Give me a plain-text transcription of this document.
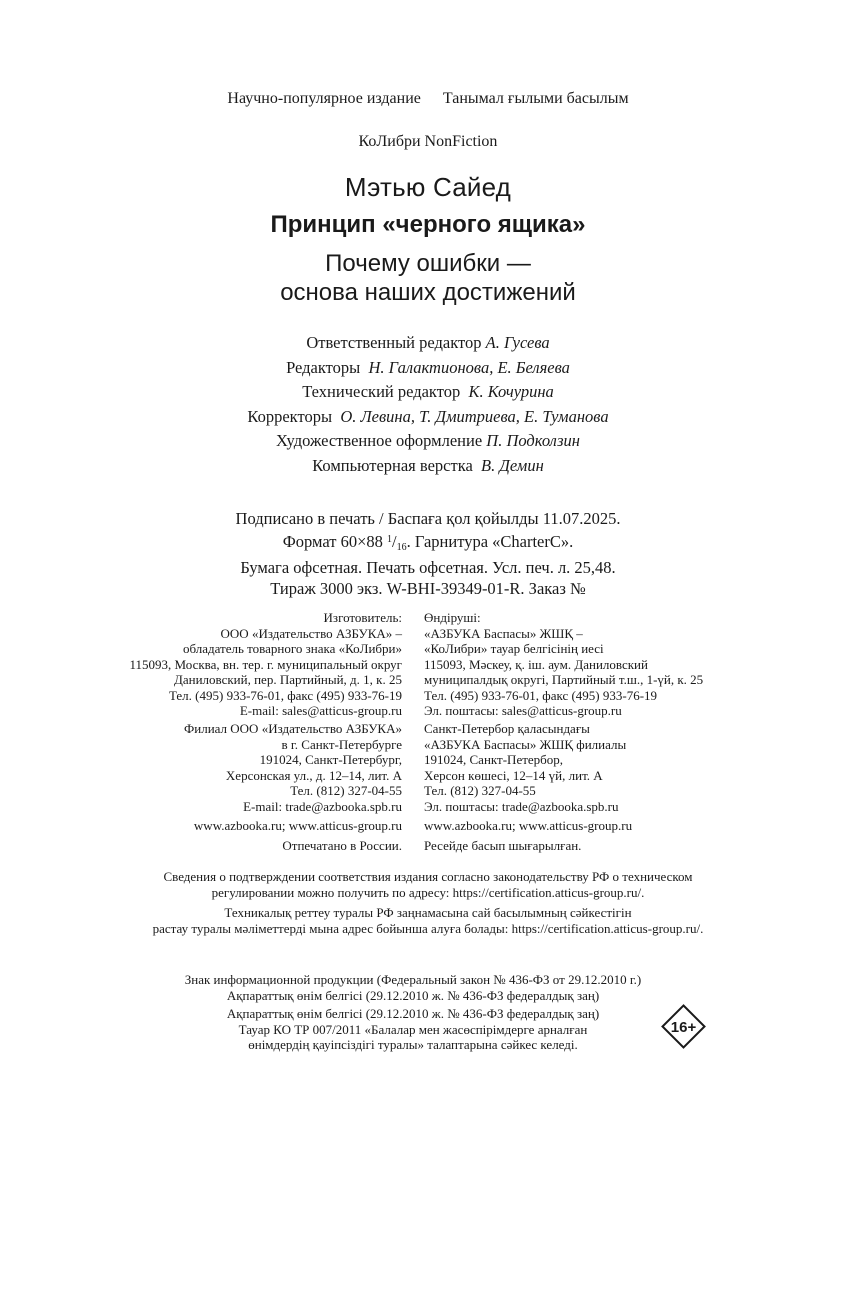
Научно-популярное издание Танымал ғылыми басылым
КоЛибри NonFiction
Мэтью Сайед
Принцип «черного ящика»
Почему ошибки —
основа наших достижений
Ответственный редактор А. Гусева
Редакторы Н. Галактионова, Е. Беляева
Технический редактор К. Кочурина
Корректоры О. Левина, Т. Дмитриева, Е. Туманова
Художественное оформление П. Подколзин
Компьютерная верстка В. Демин
Подписано в печать / Баспаға қол қойылды 11.07.2025.
Формат 60×88 $^1/_{16}$. Гарнитура «CharterC».
Бумага офсетная. Печать офсетная. Усл. печ. л. 25,48.
Тираж 3000 экз. W-BHI-39349-01-R. Заказ №
Изготовитель:
ООО «Издательство АЗБУКА» –
обладатель товарного знака «КоЛибри»
115093, Москва, вн. тер. г. муниципальный округ
Даниловский, пер. Партийный, д. 1, к. 25
Тел. (495) 933-76-01, факс (495) 933-76-19
E-mail: sales@atticus-group.ru
Өндіруші:
«АЗБУКА Баспасы» ЖШҚ –
«КоЛибри» тауар белгісінің иесі
115093, Мәскеу, қ. іш. аум. Даниловский
муниципалдық округі, Партийный т.ш., 1-үй, к. 25
Тел. (495) 933-76-01, факс (495) 933-76-19
Эл. поштасы: sales@atticus-group.ru
Филиал ООО «Издательство АЗБУКА»
в г. Санкт-Петербурге
191024, Санкт-Петербург,
Херсонская ул., д. 12–14, лит. А
Тел. (812) 327-04-55
E-mail: trade@azbooka.spb.ru
Санкт-Петербор қаласындағы
«АЗБУКА Баспасы» ЖШҚ филиалы
191024, Санкт-Петербор,
Херсон көшесі, 12–14 үй, лит. А
Тел. (812) 327-04-55
Эл. поштасы: trade@azbooka.spb.ru
www.azbooka.ru; www.atticus-group.ru www.azbooka.ru; www.atticus-group.ru
Отпечатано в России. Ресейде басып шығарылған.
Сведения о подтверждении соответствия издания согласно законодательству РФ о техническом
регулировании можно получить по адресу: https://certification.atticus-group.ru/.
Техникалық реттеу туралы РФ заңнамасына сай басылымның сәйкестігін
растау туралы мәліметтерді мына адрес бойынша алуға болады: https://certification.atticus-group.ru/.
Знак информационной продукции (Федеральный закон № 436-ФЗ от 29.12.2010 г.)
Ақпараттық өнім белгісі (29.12.2010 ж. № 436-ФЗ федералдық заң)
Ақпараттық өнім белгісі (29.12.2010 ж. № 436-ФЗ федералдық заң)
Тауар КО ТР 007/2011 «Балалар мен жасөспірімдерге арналған
өнімдердің қауіпсіздігі туралы» талаптарына сәйкес келеді.
16+
